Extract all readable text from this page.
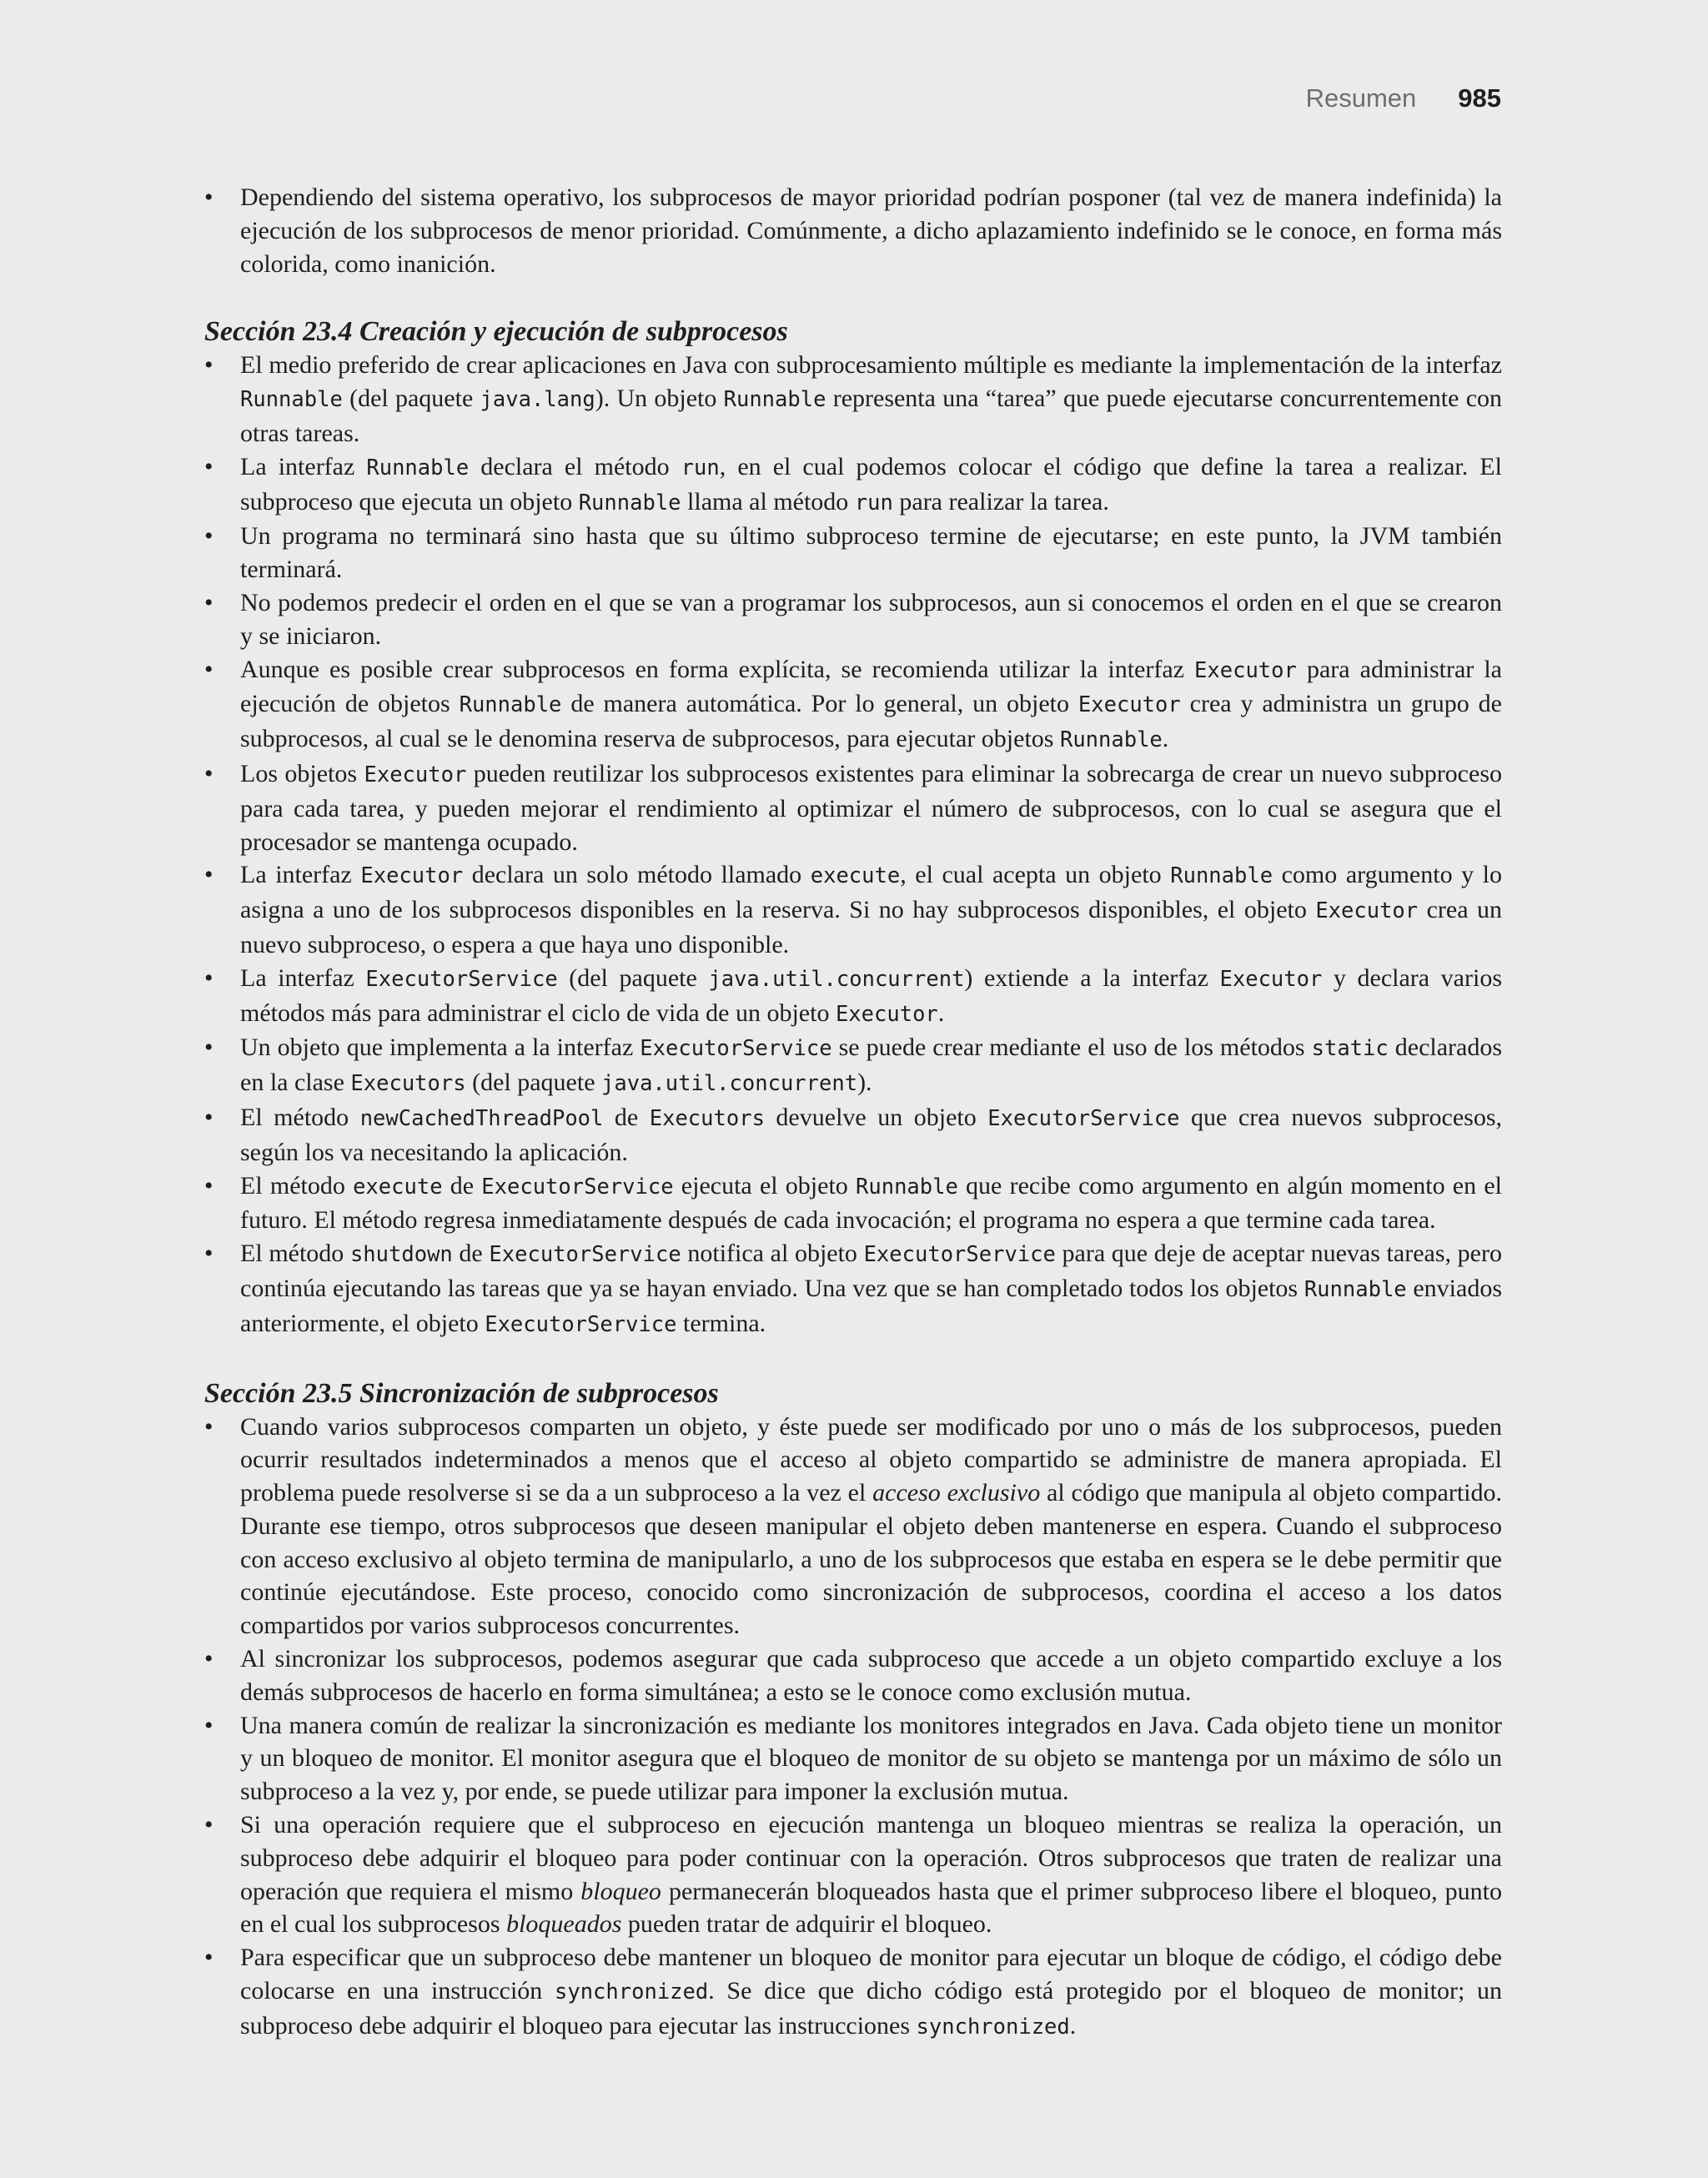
Resumen 985
• Dependiendo del sistema operativo, los subprocesos de mayor prioridad podrían posponer (tal vez de manera indefinida) la ejecución de los subprocesos de menor prioridad. Comúnmente, a dicho aplazamiento indefinido se le conoce, en forma más colorida, como inanición.
Sección 23.4 Creación y ejecución de subprocesos
• El medio preferido de crear aplicaciones en Java con subprocesamiento múltiple es mediante la implementación de la interfaz Runnable (del paquete java.lang). Un objeto Runnable representa una “tarea” que puede ejecutarse concurrentemente con otras tareas.
• La interfaz Runnable declara el método run, en el cual podemos colocar el código que define la tarea a realizar. El subproceso que ejecuta un objeto Runnable llama al método run para realizar la tarea.
• Un programa no terminará sino hasta que su último subproceso termine de ejecutarse; en este punto, la JVM también terminará.
• No podemos predecir el orden en el que se van a programar los subprocesos, aun si conocemos el orden en el que se crearon y se iniciaron.
• Aunque es posible crear subprocesos en forma explícita, se recomienda utilizar la interfaz Executor para administrar la ejecución de objetos Runnable de manera automática. Por lo general, un objeto Executor crea y administra un grupo de subprocesos, al cual se le denomina reserva de subprocesos, para ejecutar objetos Runnable.
• Los objetos Executor pueden reutilizar los subprocesos existentes para eliminar la sobrecarga de crear un nuevo subproceso para cada tarea, y pueden mejorar el rendimiento al optimizar el número de subprocesos, con lo cual se asegura que el procesador se mantenga ocupado.
• La interfaz Executor declara un solo método llamado execute, el cual acepta un objeto Runnable como argumento y lo asigna a uno de los subprocesos disponibles en la reserva. Si no hay subprocesos disponibles, el objeto Executor crea un nuevo subproceso, o espera a que haya uno disponible.
• La interfaz ExecutorService (del paquete java.util.concurrent) extiende a la interfaz Executor y declara varios métodos más para administrar el ciclo de vida de un objeto Executor.
• Un objeto que implementa a la interfaz ExecutorService se puede crear mediante el uso de los métodos static declarados en la clase Executors (del paquete java.util.concurrent).
• El método newCachedThreadPool de Executors devuelve un objeto ExecutorService que crea nuevos subprocesos, según los va necesitando la aplicación.
• El método execute de ExecutorService ejecuta el objeto Runnable que recibe como argumento en algún momento en el futuro. El método regresa inmediatamente después de cada invocación; el programa no espera a que termine cada tarea.
• El método shutdown de ExecutorService notifica al objeto ExecutorService para que deje de aceptar nuevas tareas, pero continúa ejecutando las tareas que ya se hayan enviado. Una vez que se han completado todos los objetos Runnable enviados anteriormente, el objeto ExecutorService termina.
Sección 23.5 Sincronización de subprocesos
• Cuando varios subprocesos comparten un objeto, y éste puede ser modificado por uno o más de los subprocesos, pueden ocurrir resultados indeterminados a menos que el acceso al objeto compartido se administre de manera apropiada. El problema puede resolverse si se da a un subproceso a la vez el acceso exclusivo al código que manipula al objeto compartido. Durante ese tiempo, otros subprocesos que deseen manipular el objeto deben mantenerse en espera. Cuando el subproceso con acceso exclusivo al objeto termina de manipularlo, a uno de los subprocesos que estaba en espera se le debe permitir que continúe ejecutándose. Este proceso, conocido como sincronización de subprocesos, coordina el acceso a los datos compartidos por varios subprocesos concurrentes.
• Al sincronizar los subprocesos, podemos asegurar que cada subproceso que accede a un objeto compartido excluye a los demás subprocesos de hacerlo en forma simultánea; a esto se le conoce como exclusión mutua.
• Una manera común de realizar la sincronización es mediante los monitores integrados en Java. Cada objeto tiene un monitor y un bloqueo de monitor. El monitor asegura que el bloqueo de monitor de su objeto se mantenga por un máximo de sólo un subproceso a la vez y, por ende, se puede utilizar para imponer la exclusión mutua.
• Si una operación requiere que el subproceso en ejecución mantenga un bloqueo mientras se realiza la operación, un subproceso debe adquirir el bloqueo para poder continuar con la operación. Otros subprocesos que traten de realizar una operación que requiera el mismo bloqueo permanecerán bloqueados hasta que el primer subproceso libere el bloqueo, punto en el cual los subprocesos bloqueados pueden tratar de adquirir el bloqueo.
• Para especificar que un subproceso debe mantener un bloqueo de monitor para ejecutar un bloque de código, el código debe colocarse en una instrucción synchronized. Se dice que dicho código está protegido por el bloqueo de monitor; un subproceso debe adquirir el bloqueo para ejecutar las instrucciones synchronized.
